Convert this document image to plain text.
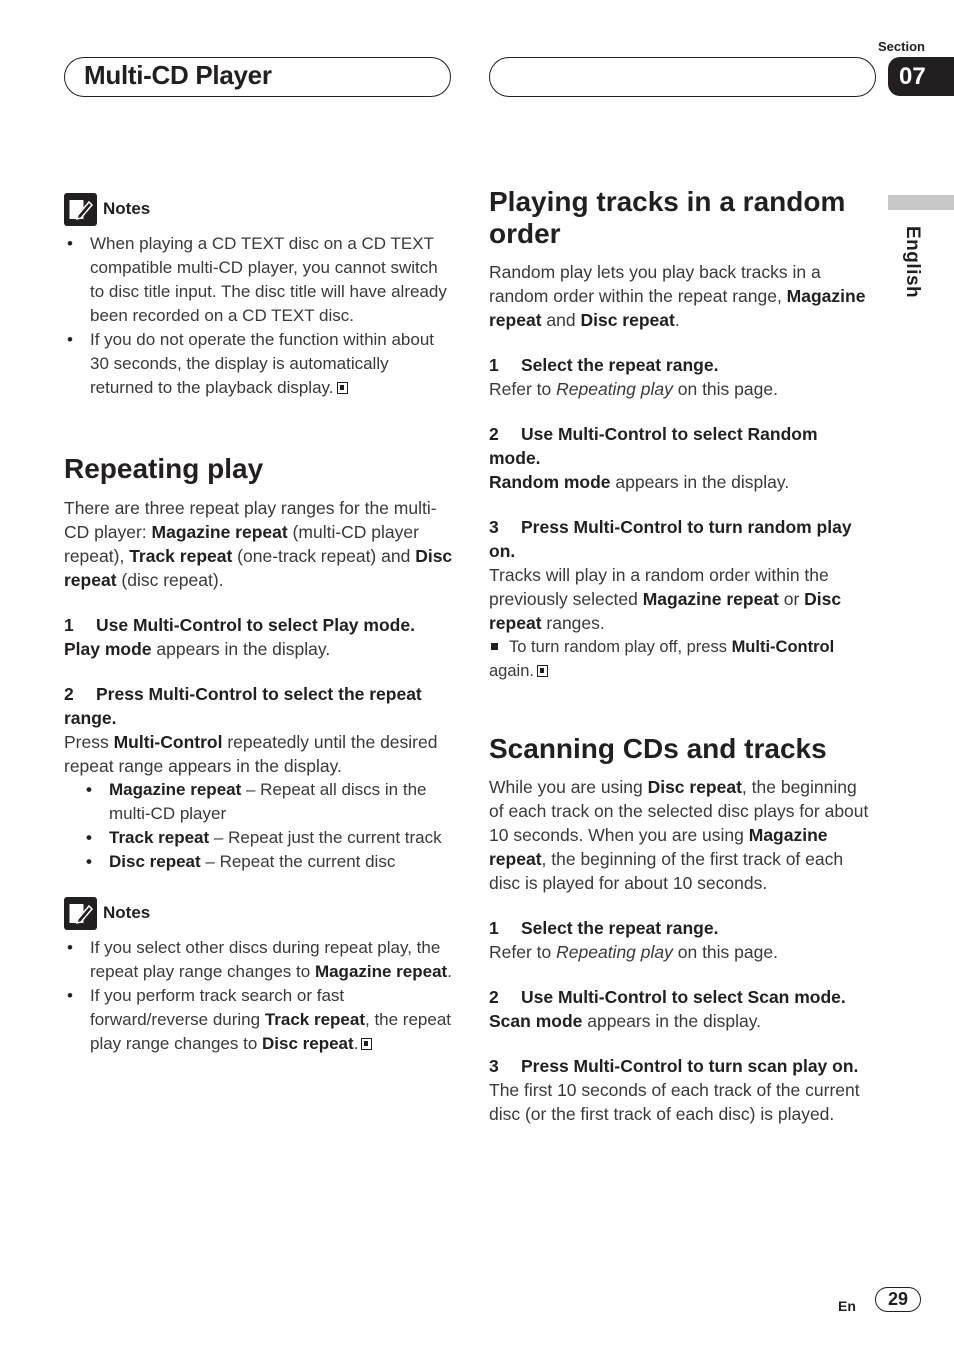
Multi-CD Player
Section
07
English
Notes
• When playing a CD TEXT disc on a CD TEXT compatible multi-CD player, you cannot switch to disc title input. The disc title will have already been recorded on a CD TEXT disc.
• If you do not operate the function within about 30 seconds, the display is automatically returned to the playback display.
Repeating play

There are three repeat play ranges for the multi-CD player: Magazine repeat (multi-CD player repeat), Track repeat (one-track repeat) and Disc repeat (disc repeat).

1 Use Multi-Control to select Play mode.

Play mode appears in the display.

2 Press Multi-Control to select the repeat range.

Press Multi-Control repeatedly until the desired repeat range appears in the display.

• Magazine repeat – Repeat all discs in the multi-CD player
• Track repeat – Repeat just the current track
• Disc repeat – Repeat the current disc
Notes
• If you select other discs during repeat play, the repeat play range changes to Magazine repeat.
• If you perform track search or fast forward/reverse during Track repeat, the repeat play range changes to Disc repeat.
Playing tracks in a random order

Random play lets you play back tracks in a random order within the repeat range, Magazine repeat and Disc repeat.

1 Select the repeat range.

Refer to Repeating play on this page.

2 Use Multi-Control to select Random mode.

Random mode appears in the display.

3 Press Multi-Control to turn random play on.

Tracks will play in a random order within the previously selected Magazine repeat or Disc repeat ranges.

To turn random play off, press Multi-Control again.

Scanning CDs and tracks

While you are using Disc repeat, the beginning of each track on the selected disc plays for about 10 seconds. When you are using Magazine repeat, the beginning of the first track of each disc is played for about 10 seconds.

1 Select the repeat range.

Refer to Repeating play on this page.

2 Use Multi-Control to select Scan mode.

Scan mode appears in the display.

3 Press Multi-Control to turn scan play on.

The first 10 seconds of each track of the current disc (or the first track of each disc) is played.

En	29
